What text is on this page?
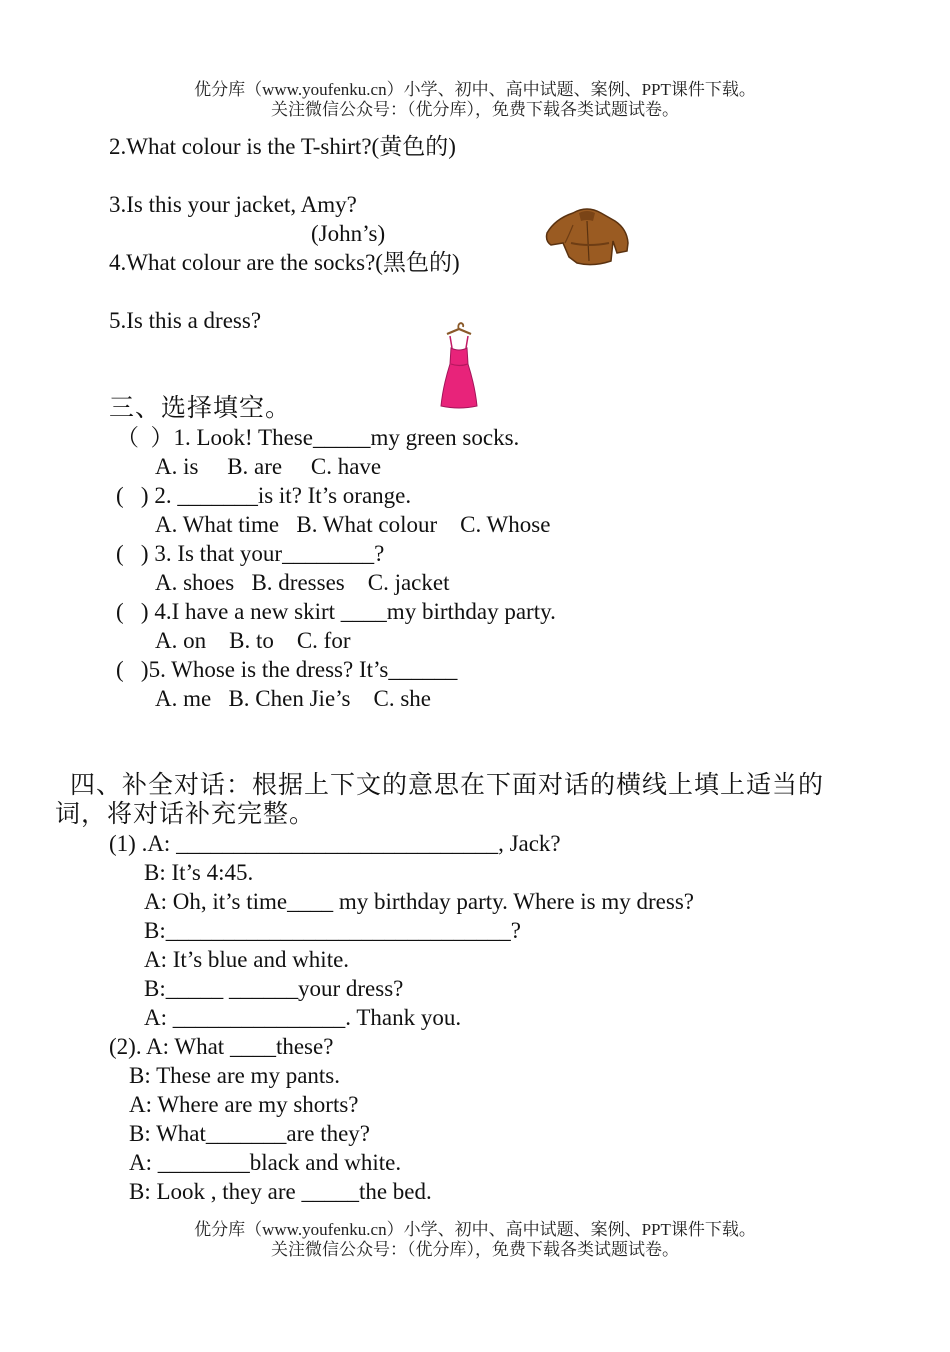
优分库（www.youfenku.cn）小学、初中、高中试题、案例、PPT课件下载。
关注微信公众号：（优分库），免费下载各类试题试卷。
2.What colour is the T-shirt?(黄色的)
3.Is this your jacket, Amy?
(John’s)
4.What colour are the socks?(黑色的)
5.Is this a dress?
三、选择填空。
（  ）1. Look! These_____my green socks.
A. is     B. are     C. have
(   ) 2. _______is it? It’s orange.
A. What time   B. What colour    C. Whose
(   ) 3. Is that your________?
A. shoes   B. dresses    C. jacket
(   ) 4.I have a new skirt ____my birthday party.
A. on    B. to    C. for
(   )5. Whose is the dress? It’s______
A. me   B. Chen Jie’s    C. she
四、补全对话：根据上下文的意思在下面对话的横线上填上适当的
词，将对话补充完整。
(1) .A: ____________________________, Jack?
B: It’s 4:45.
A: Oh, it’s time____ my birthday party. Where is my dress?
B:______________________________?
A: It’s blue and white.
B:_____ ______your dress?
A: _______________. Thank you.
(2). A: What ____these?
B: These are my pants.
A: Where are my shorts?
B: What_______are they?
A: ________black and white.
B: Look , they are _____the bed.
优分库（www.youfenku.cn）小学、初中、高中试题、案例、PPT课件下载。
关注微信公众号：（优分库），免费下载各类试题试卷。
